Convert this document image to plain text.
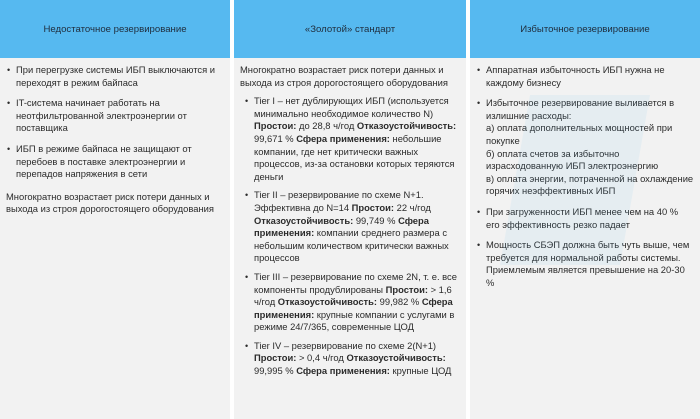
Недостаточное резервирование
• При перегрузке системы ИБП выключаются и переходят в режим байпаса
• IT-система начинает работать на неотфильтрованной электроэнергии от поставщика
• ИБП в режиме байпаса не защищают от перебоев в поставке электроэнергии и перепадов напряжения в сети

Многократно возрастает риск потери данных и выхода из строя дорогостоящего оборудования

«Золотой» стандарт

Многократно возрастает риск потери данных и выхода из строя дорогостоящего оборудования

• Tier I – нет дублирующих ИБП (используется минимально необходимое количество N) Простои: до 28,8 ч/год Отказоустойчивость: 99,671 % Сфера применения: небольшие компании, где нет критически важных процессов, из-за остановки которых теряются деньги
• Tier II – резервирование по схеме N+1. Эффективна до N=14 Простои: 22 ч/год Отказоустойчивость: 99,749 % Сфера применения: компании среднего размера с небольшим количеством критически важных процессов
• Tier III – резервирование по схеме 2N, т. е. все компоненты продублированы Простои: > 1,6 ч/год Отказоустойчивость: 99,982 % Сфера применения: крупные компании с услугами в режиме 24/7/365, современные ЦОД
• Tier IV – резервирование по схеме 2(N+1) Простои: > 0,4 ч/год Отказоустойчивость: 99,995 % Сфера применения: крупные ЦОД
Избыточное резервирование
• Аппаратная избыточность ИБП нужна не каждому бизнесу
• Избыточное резервирование выливается в излишние расходы:
а) оплата дополнительных мощностей при покупке
б) оплата счетов за избыточно израсходованную ИБП электроэнергию
в) оплата энергии, потраченной на охлаждение горячих неэффективных ИБП
• При загруженности ИБП менее чем на 40 % его эффективность резко падает
• Мощность СБЭП должна быть чуть выше, чем требуется для нормальной работы системы. Приемлемым является превышение на 20-30 %
